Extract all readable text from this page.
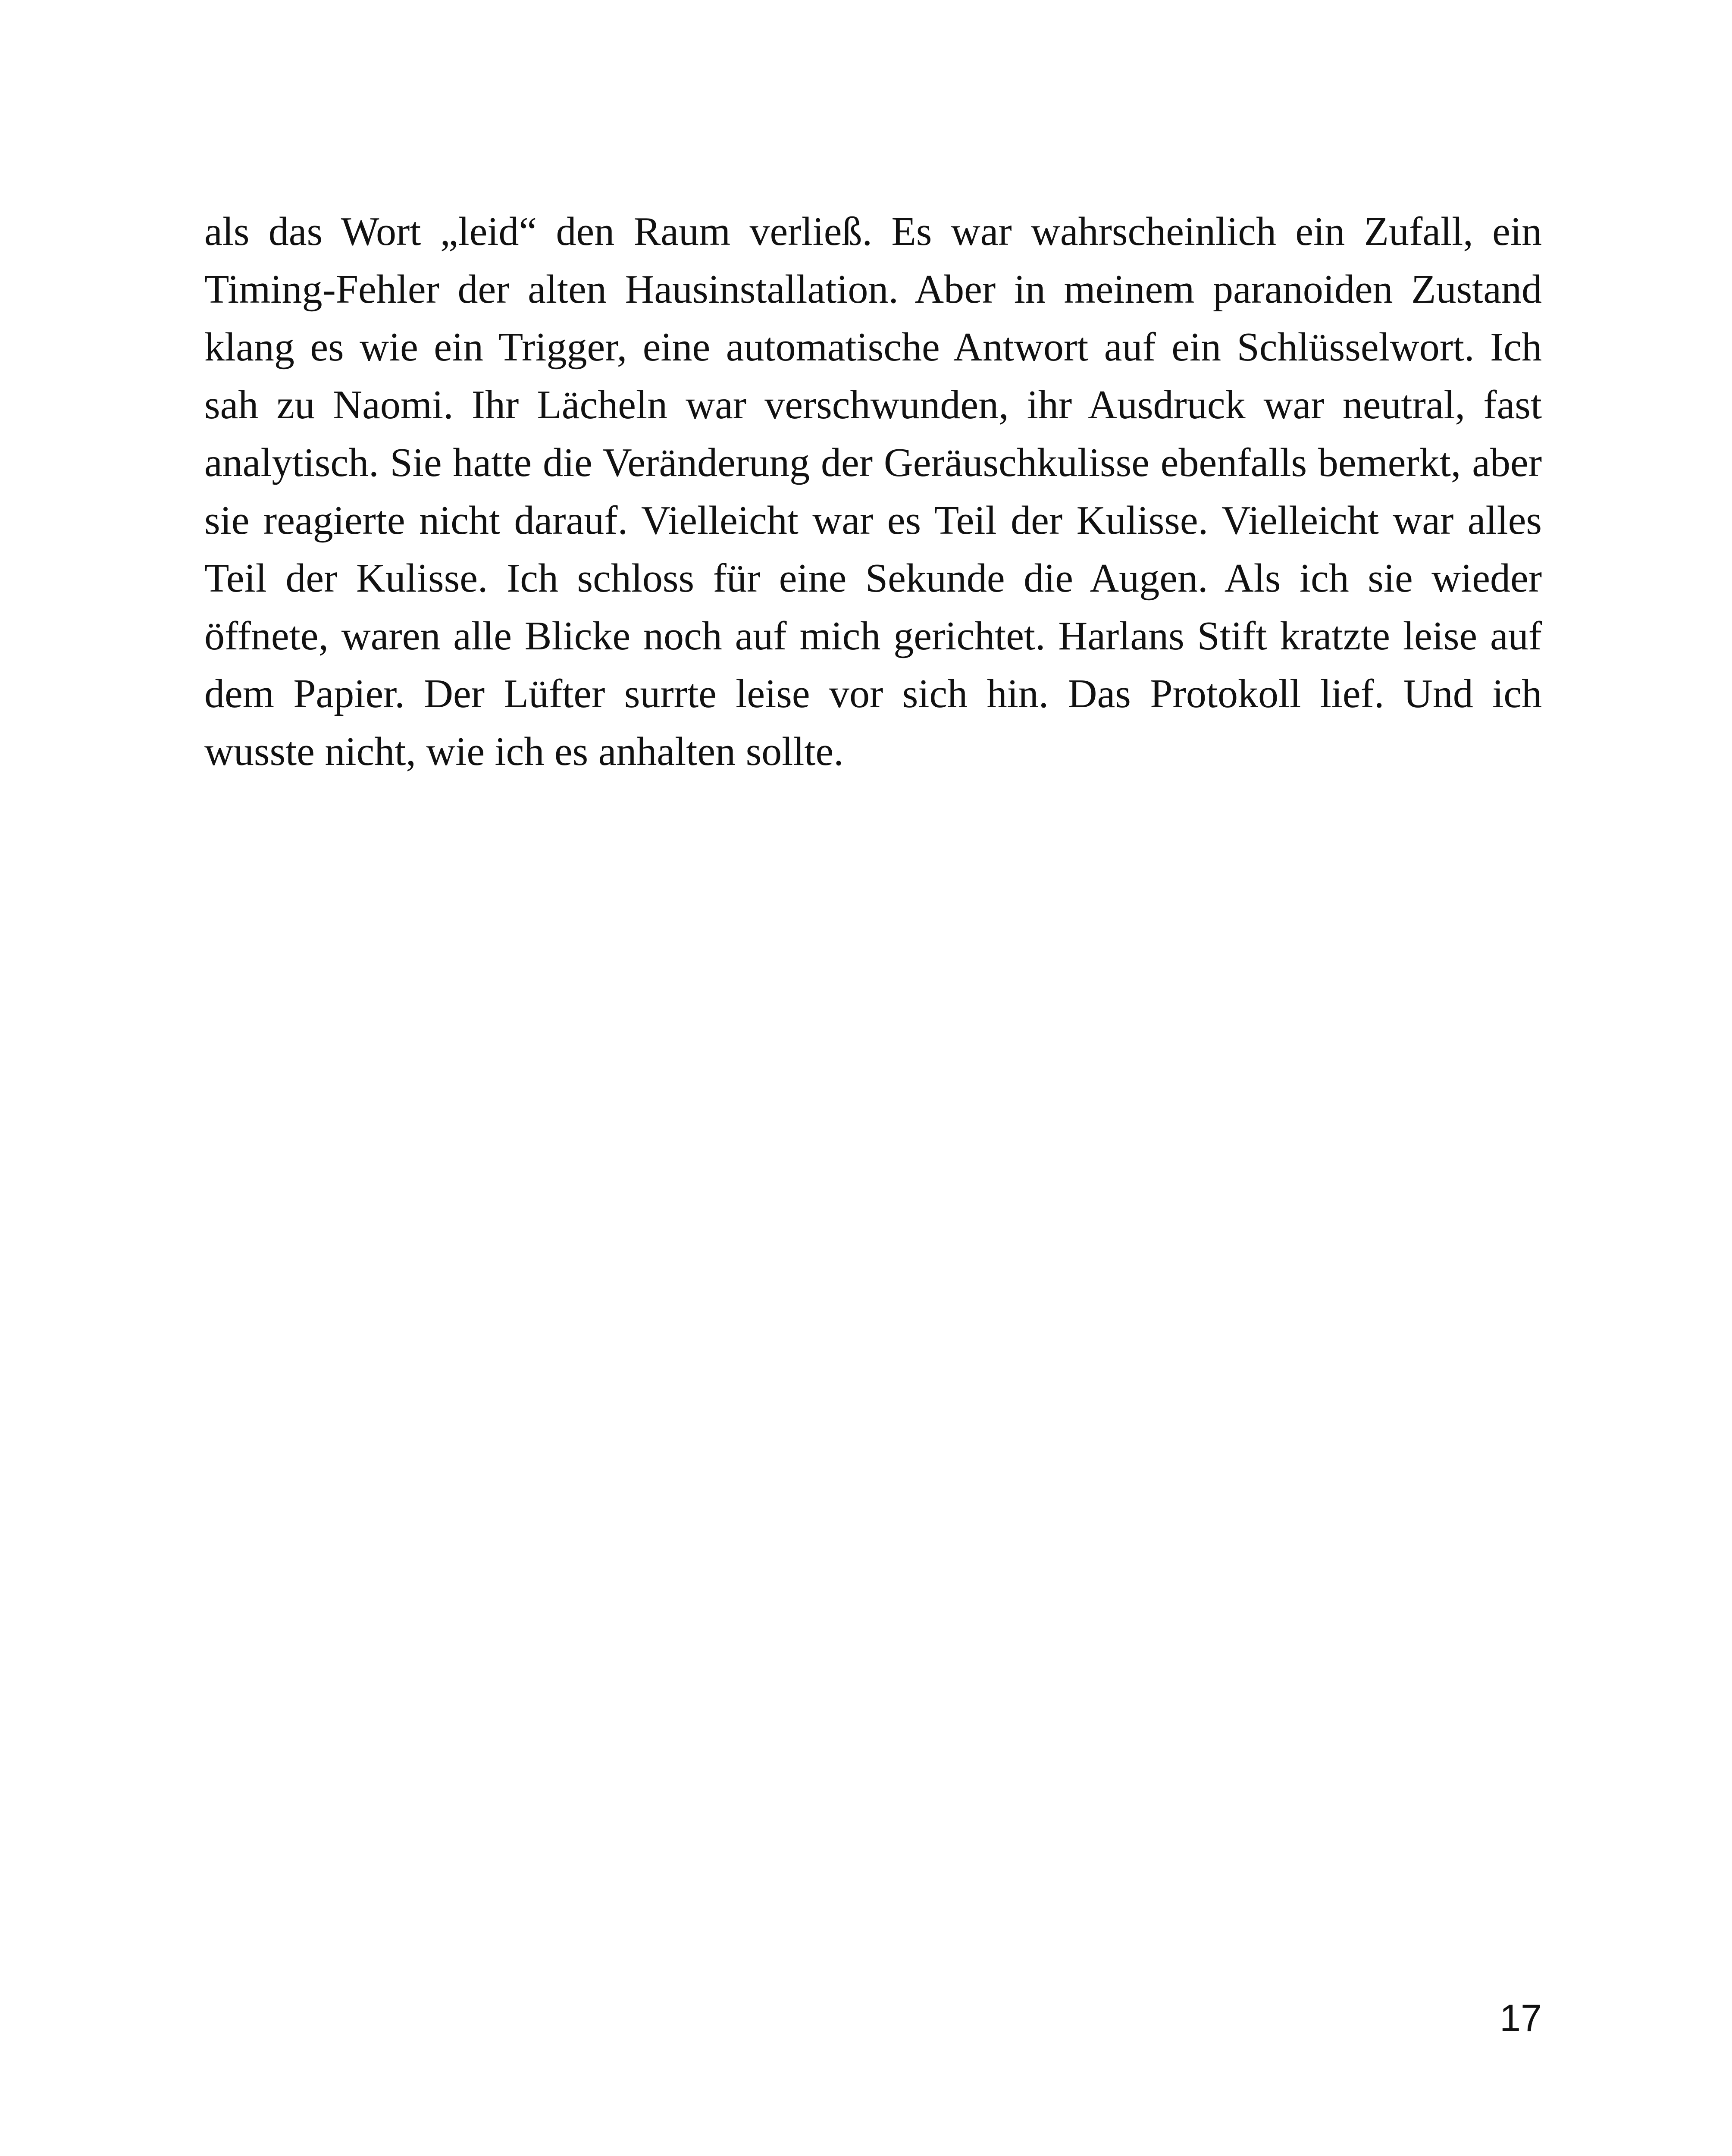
als das Wort „leid“ den Raum verließ. Es war wahrscheinlich ein Zufall, ein Timing-Fehler der alten Hausinstallation. Aber in meinem paranoiden Zustand klang es wie ein Trigger, eine automatische Antwort auf ein Schlüsselwort. Ich sah zu Naomi. Ihr Lächeln war verschwunden, ihr Ausdruck war neutral, fast analytisch. Sie hatte die Veränderung der Geräuschkulisse ebenfalls bemerkt, aber sie reagierte nicht darauf. Vielleicht war es Teil der Kulisse. Vielleicht war alles Teil der Kulisse. Ich schloss für eine Sekunde die Augen. Als ich sie wieder öffnete, waren alle Blicke noch auf mich gerichtet. Harlans Stift kratzte leise auf dem Papier. Der Lüfter surrte leise vor sich hin. Das Protokoll lief. Und ich wusste nicht, wie ich es anhalten sollte.

17
